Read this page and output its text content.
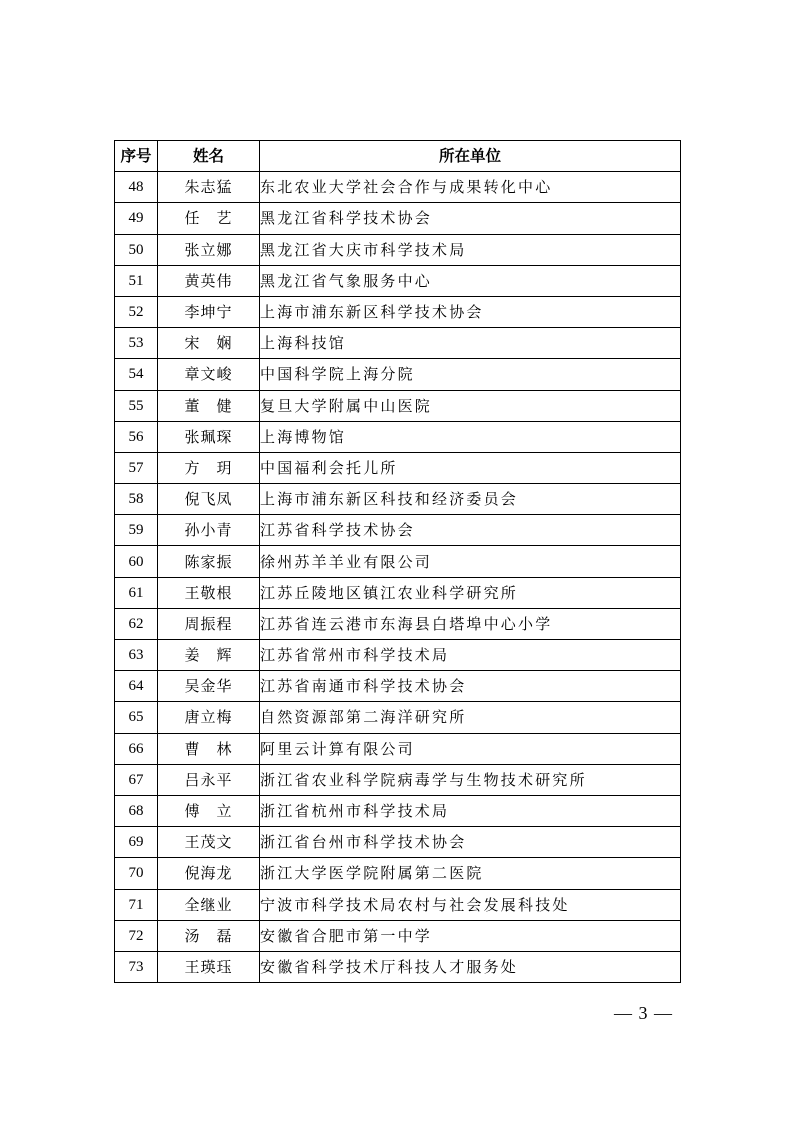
序号	姓名	所在单位
48	朱志猛	东北农业大学社会合作与成果转化中心
49	任　艺	黑龙江省科学技术协会
50	张立娜	黑龙江省大庆市科学技术局
51	黄英伟	黑龙江省气象服务中心
52	李坤宁	上海市浦东新区科学技术协会
53	宋　娴	上海科技馆
54	章文峻	中国科学院上海分院
55	董　健	复旦大学附属中山医院
56	张珮琛	上海博物馆
57	方　玥	中国福利会托儿所
58	倪飞凤	上海市浦东新区科技和经济委员会
59	孙小青	江苏省科学技术协会
60	陈家振	徐州苏羊羊业有限公司
61	王敬根	江苏丘陵地区镇江农业科学研究所
62	周振程	江苏省连云港市东海县白塔埠中心小学
63	姜　辉	江苏省常州市科学技术局
64	吴金华	江苏省南通市科学技术协会
65	唐立梅	自然资源部第二海洋研究所
66	曹　林	阿里云计算有限公司
67	吕永平	浙江省农业科学院病毒学与生物技术研究所
68	傅　立	浙江省杭州市科学技术局
69	王茂文	浙江省台州市科学技术协会
70	倪海龙	浙江大学医学院附属第二医院
71	全继业	宁波市科学技术局农村与社会发展科技处
72	汤　磊	安徽省合肥市第一中学
73	王瑛珏	安徽省科学技术厅科技人才服务处
— 3 —
